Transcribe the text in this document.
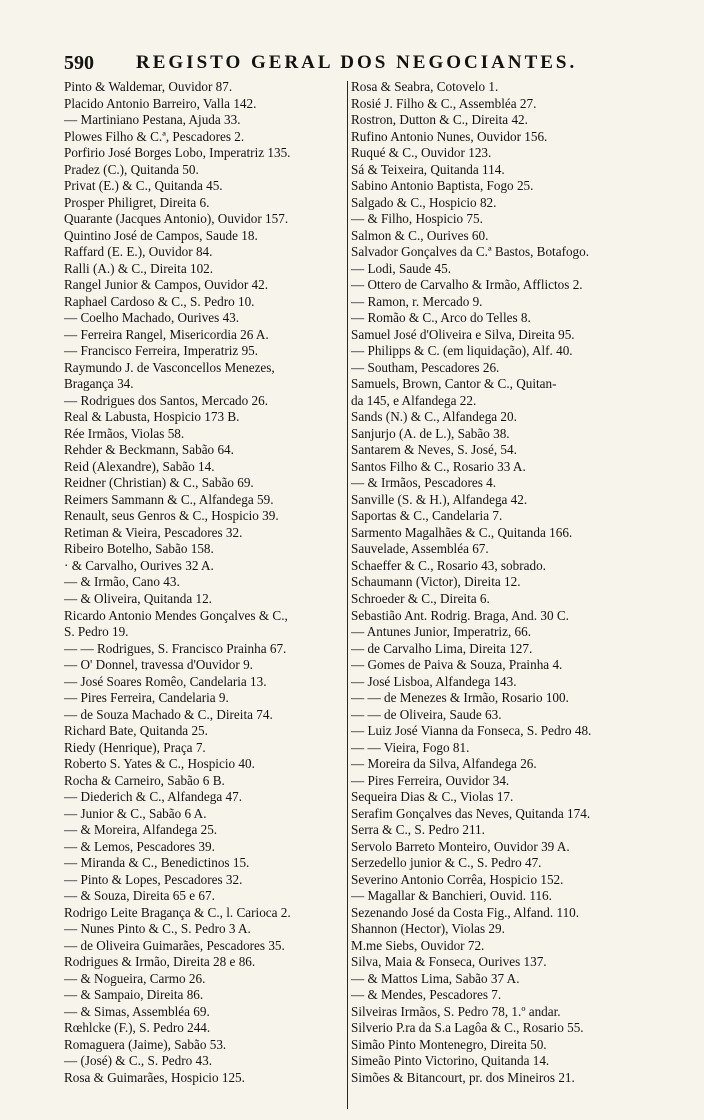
590	REGISTO GERAL DOS NEGOCIANTES.
Pinto & Waldemar, Ouvidor 87.
Placido Antonio Barreiro, Valla 142.
— Martiniano Pestana, Ajuda 33.
Plowes Filho & C.ª, Pescadores 2.
Porfirio José Borges Lobo, Imperatriz 135.
Pradez (C.), Quitanda 50.
Privat (E.) & C., Quitanda 45.
Prosper Philigret, Direita 6.
Quarante (Jacques Antonio), Ouvidor 157.
Quintino José de Campos, Saude 18.
Raffard (E. E.), Ouvidor 84.
Ralli (A.) & C., Direita 102.
Rangel Junior & Campos, Ouvidor 42.
Raphael Cardoso & C., S. Pedro 10.
— Coelho Machado, Ourives 43.
— Ferreira Rangel, Misericordia 26 A.
— Francisco Ferreira, Imperatriz 95.
Raymundo J. de Vasconcellos Menezes,
Bragança 34.
— Rodrigues dos Santos, Mercado 26.
Real & Labusta, Hospicio 173 B.
Rée Irmãos, Violas 58.
Rehder & Beckmann, Sabão 64.
Reid (Alexandre), Sabão 14.
Reidner (Christian) & C., Sabão 69.
Reimers Sammann & C., Alfandega 59.
Renault, seus Genros & C., Hospicio 39.
Retiman & Vieira, Pescadores 32.
Ribeiro Botelho, Sabão 158.
· & Carvalho, Ourives 32 A.
— & Irmão, Cano 43.
— & Oliveira, Quitanda 12.
Ricardo Antonio Mendes Gonçalves & C.,
S. Pedro 19.
— — Rodrigues, S. Francisco Prainha 67.
— O' Donnel, travessa d'Ouvidor 9.
— José Soares Romêo, Candelaria 13.
— Pires Ferreira, Candelaria 9.
— de Souza Machado & C., Direita 74.
Richard Bate, Quitanda 25.
Riedy (Henrique), Praça 7.
Roberto S. Yates & C., Hospicio 40.
Rocha & Carneiro, Sabão 6 B.
— Diederich & C., Alfandega 47.
— Junior & C., Sabão 6 A.
— & Moreira, Alfandega 25.
— & Lemos, Pescadores 39.
— Miranda & C., Benedictinos 15.
— Pinto & Lopes, Pescadores 32.
— & Souza, Direita 65 e 67.
Rodrigo Leite Bragança & C., l. Carioca 2.
— Nunes Pinto & C., S. Pedro 3 A.
— de Oliveira Guimarães, Pescadores 35.
Rodrigues & Irmão, Direita 28 e 86.
— & Nogueira, Carmo 26.
— & Sampaio, Direita 86.
— & Simas, Assembléa 69.
Rœhlcke (F.), S. Pedro 244.
Romaguera (Jaime), Sabão 53.
— (José) & C., S. Pedro 43.
Rosa & Guimarães, Hospicio 125.
Rosa & Seabra, Cotovelo 1.
Rosié J. Filho & C., Assembléa 27.
Rostron, Dutton & C., Direita 42.
Rufino Antonio Nunes, Ouvidor 156.
Ruqué & C., Ouvidor 123.
Sá & Teixeira, Quitanda 114.
Sabino Antonio Baptista, Fogo 25.
Salgado & C., Hospicio 82.
— & Filho, Hospicio 75.
Salmon & C., Ourives 60.
Salvador Gonçalves da C.ª Bastos, Botafogo.
— Lodi, Saude 45.
— Ottero de Carvalho & Irmão, Afflictos 2.
— Ramon, r. Mercado 9.
— Romão & C., Arco do Telles 8.
Samuel José d'Oliveira e Silva, Direita 95.
— Philipps & C. (em liquidação), Alf. 40.
— Southam, Pescadores 26.
Samuels, Brown, Cantor & C., Quitan-
da 145, e Alfandega 22.
Sands (N.) & C., Alfandega 20.
Sanjurjo (A. de L.), Sabão 38.
Santarem & Neves, S. José, 54.
Santos Filho & C., Rosario 33 A.
— & Irmãos, Pescadores 4.
Sanville (S. & H.), Alfandega 42.
Saportas & C., Candelaria 7.
Sarmento Magalhães & C., Quitanda 166.
Sauvelade, Assembléa 67.
Schaeffer & C., Rosario 43, sobrado.
Schaumann (Victor), Direita 12.
Schroeder & C., Direita 6.
Sebastião Ant. Rodrig. Braga, And. 30 C.
— Antunes Junior, Imperatriz, 66.
— de Carvalho Lima, Direita 127.
— Gomes de Paiva & Souza, Prainha 4.
— José Lisboa, Alfandega 143.
— — de Menezes & Irmão, Rosario 100.
— — de Oliveira, Saude 63.
— Luiz José Vianna da Fonseca, S. Pedro 48.
— — Vieira, Fogo 81.
— Moreira da Silva, Alfandega 26.
— Pires Ferreira, Ouvidor 34.
Sequeira Dias & C., Violas 17.
Serafim Gonçalves das Neves, Quitanda 174.
Serra & C., S. Pedro 211.
Servolo Barreto Monteiro, Ouvidor 39 A.
Serzedello junior & C., S. Pedro 47.
Severino Antonio Corrêa, Hospicio 152.
— Magallar & Banchieri, Ouvid. 116.
Sezenando José da Costa Fig., Alfand. 110.
Shannon (Hector), Violas 29.
M.me Siebs, Ouvidor 72.
Silva, Maia & Fonseca, Ourives 137.
— & Mattos Lima, Sabão 37 A.
— & Mendes, Pescadores 7.
Silveiras Irmãos, S. Pedro 78, 1.º andar.
Silverio P.ra da S.a Lagôa & C., Rosario 55.
Simão Pinto Montenegro, Direita 50.
Simeão Pinto Victorino, Quitanda 14.
Simões & Bitancourt, pr. dos Mineiros 21.
